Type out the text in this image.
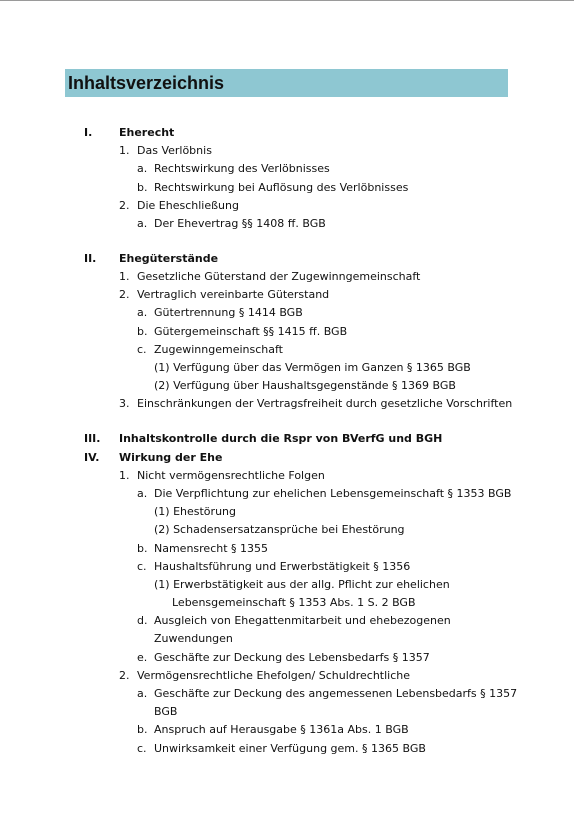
Inhaltsverzeichnis
I. Eherecht
1. Das Verlöbnis
a. Rechtswirkung des Verlöbnisses
b. Rechtswirkung bei Auflösung des Verlöbnisses
2. Die Eheschließung
a. Der Ehevertrag §§ 1408 ff. BGB
II. Ehegüterstände
1. Gesetzliche Güterstand der Zugewinngemeinschaft
2. Vertraglich vereinbarte Güterstand
a. Gütertrennung § 1414 BGB
b. Gütergemeinschaft §§ 1415 ff. BGB
c. Zugewinngemeinschaft
(1) Verfügung über das Vermögen im Ganzen § 1365 BGB
(2) Verfügung über Haushaltsgegenstände § 1369 BGB
3. Einschränkungen der Vertragsfreiheit durch gesetzliche Vorschriften
III. Inhaltskontrolle durch die Rspr von BVerfG und BGH
IV. Wirkung der Ehe
1. Nicht vermögensrechtliche Folgen
a. Die Verpflichtung zur ehelichen Lebensgemeinschaft § 1353 BGB
(1) Ehestörung
(2) Schadensersatzansprüche bei Ehestörung
b. Namensrecht § 1355
c. Haushaltsführung und Erwerbstätigkeit § 1356
(1) Erwerbstätigkeit aus der allg. Pflicht zur ehelichen
Lebensgemeinschaft § 1353 Abs. 1 S. 2 BGB
d. Ausgleich von Ehegattenmitarbeit und ehebezogenen
Zuwendungen
e. Geschäfte zur Deckung des Lebensbedarfs § 1357
2. Vermögensrechtliche Ehefolgen/ Schuldrechtliche
a. Geschäfte zur Deckung des angemessenen Lebensbedarfs § 1357
BGB
b. Anspruch auf Herausgabe § 1361a Abs. 1 BGB
c. Unwirksamkeit einer Verfügung gem. § 1365 BGB
